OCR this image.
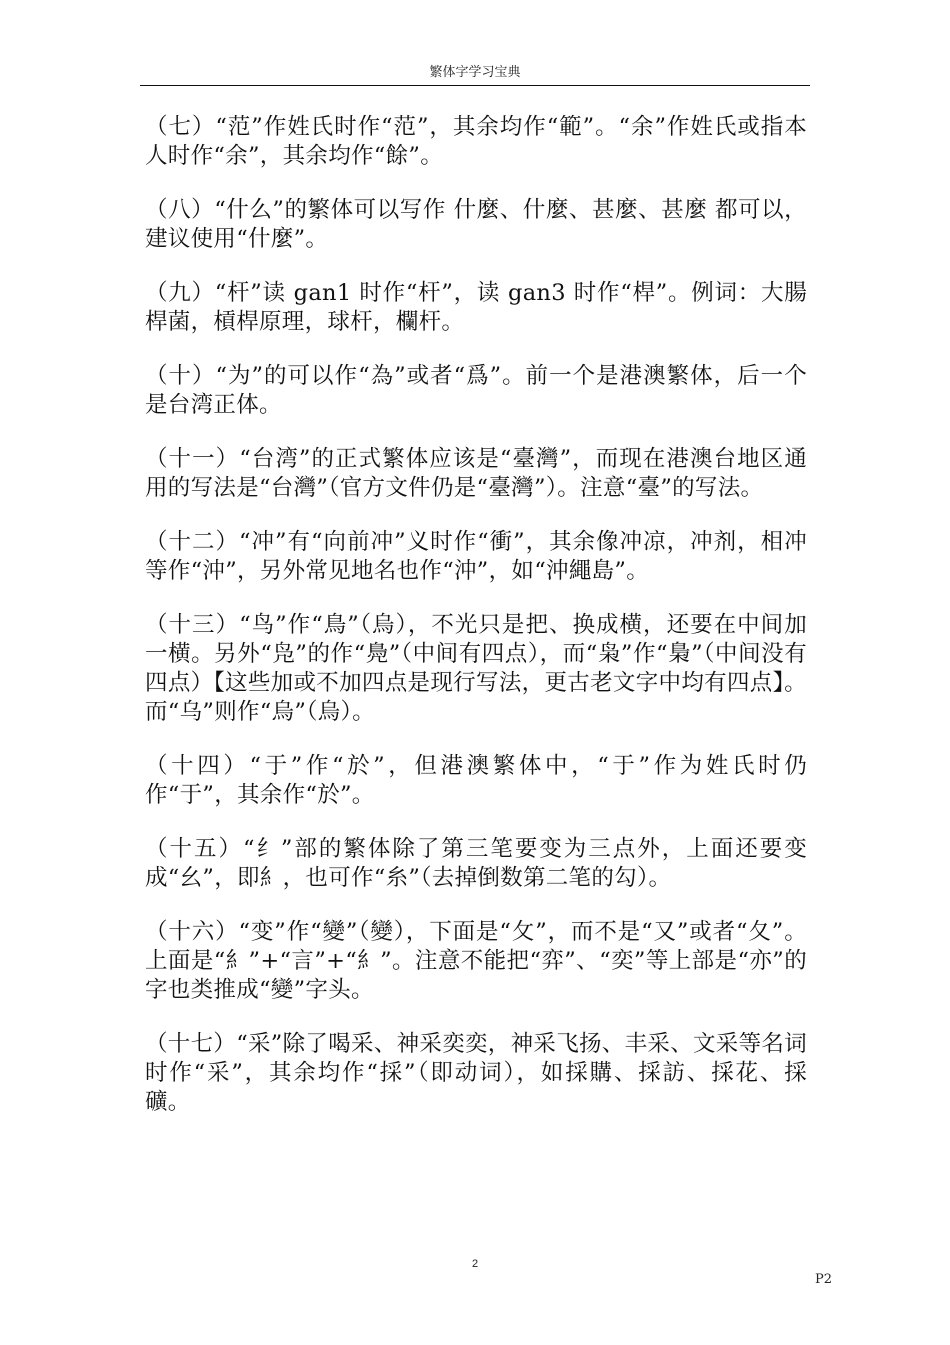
繁体字学习宝典

（七）“范”作姓氏时作“范”，其余均作“範”。“余”作姓氏或指本人时作“余”，其余均作“餘”。

（八）“什么”的繁体可以写作 什麼、什麼、甚麼、甚麼 都可以，建议使用“什麼”。

（九）“杆”读 gan1 时作“杆”，读 gan3 时作“桿”。例词：大腸桿菌，槓桿原理，球杆，欄杆。

（十）“为”的可以作“為”或者“爲”。前一个是港澳繁体，后一个是台湾正体。

（十一）“台湾”的正式繁体应该是“臺灣”，而现在港澳台地区通用的写法是“台灣”（官方文件仍是“臺灣”）。注意“臺”的写法。

（十二）“冲”有“向前冲”义时作“衝”，其余像冲凉，冲剂，相冲等作“沖”，另外常见地名也作“沖”，如“沖繩島”。

（十三）“鸟”作“鳥”（烏），不光只是把、换成横，还要在中间加一横。另外“凫”的作“鳧”（中间有四点），而“枭”作“梟”（中间没有四点）【这些加或不加四点是现行写法，更古老文字中均有四点】。而“乌”则作“烏”（烏）。

（十四）“于”作“於”，但港澳繁体中，“于”作为姓氏时仍作“于”，其余作“於”。

（十五）“纟”部的繁体除了第三笔要变为三点外，上面还要变成“幺”，即糹，也可作“糸”（去掉倒数第二笔的勾）。

（十六）“变”作“變”（變），下面是“攵”，而不是“又”或者“夂”。上面是“糹”+“言”+“糹”。注意不能把“弈”、“奕”等上部是“亦”的字也类推成“變”字头。

（十七）“采”除了喝采、神采奕奕，神采飞扬、丰采、文采等名词时作“采”，其余均作“採”（即动词），如採購、採訪、採花、採礦。

2
P2
